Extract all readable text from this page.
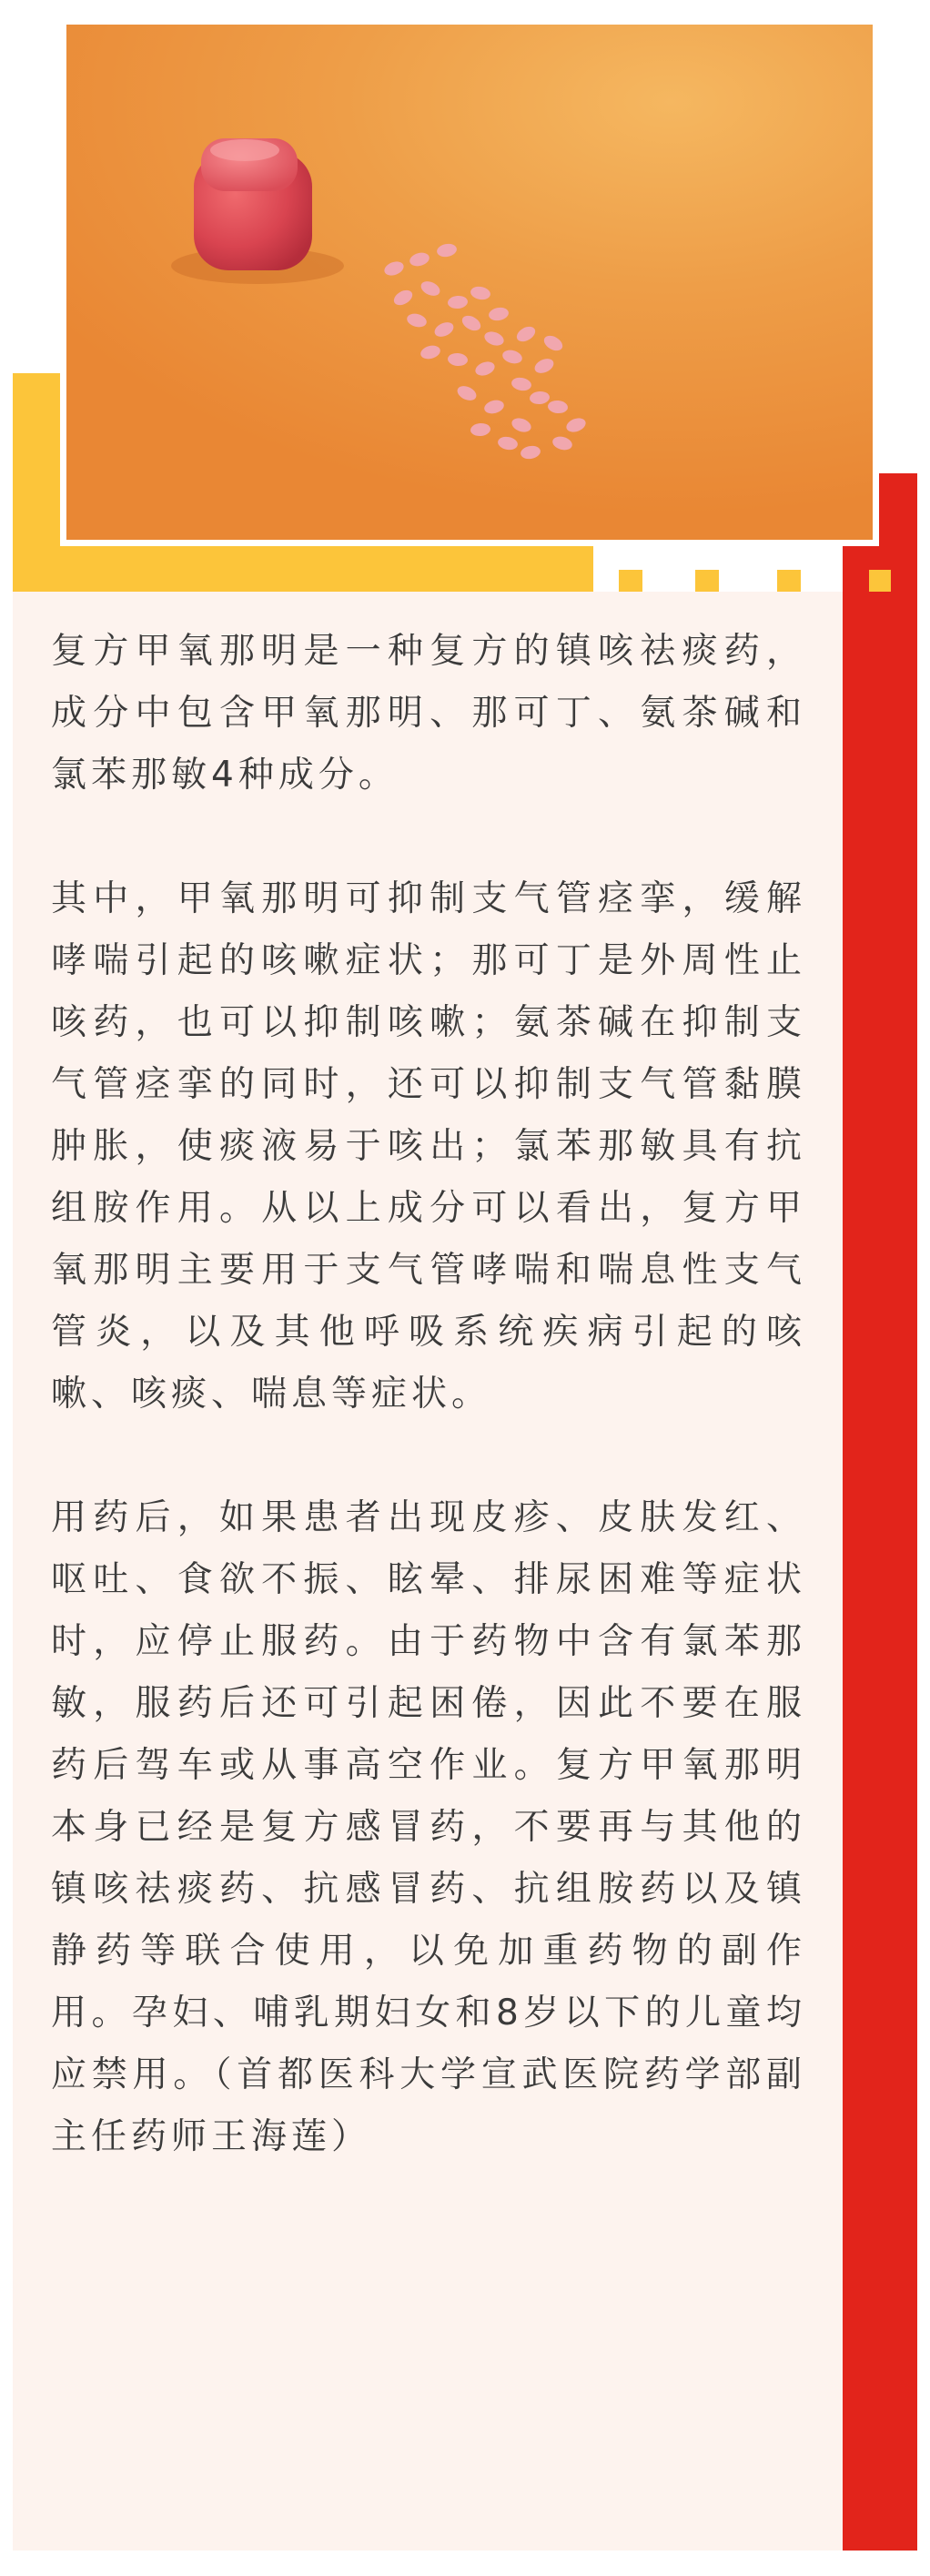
复方甲氧那明是一种复方的镇咳祛痰药，成分中包含甲氧那明、那可丁、氨茶碱和氯苯那敏4种成分。

其中，甲氧那明可抑制支气管痉挛，缓解哮喘引起的咳嗽症状；那可丁是外周性止咳药，也可以抑制咳嗽；氨茶碱在抑制支气管痉挛的同时，还可以抑制支气管黏膜肿胀，使痰液易于咳出；氯苯那敏具有抗组胺作用。从以上成分可以看出，复方甲氧那明主要用于支气管哮喘和喘息性支气管炎，以及其他呼吸系统疾病引起的咳嗽、咳痰、喘息等症状。

用药后，如果患者出现皮疹、皮肤发红、呕吐、食欲不振、眩晕、排尿困难等症状时，应停止服药。由于药物中含有氯苯那敏，服药后还可引起困倦，因此不要在服药后驾车或从事高空作业。复方甲氧那明本身已经是复方感冒药，不要再与其他的镇咳祛痰药、抗感冒药、抗组胺药以及镇静药等联合使用，以免加重药物的副作用。孕妇、哺乳期妇女和8岁以下的儿童均应禁用。（首都医科大学宣武医院药学部副主任药师王海莲）
